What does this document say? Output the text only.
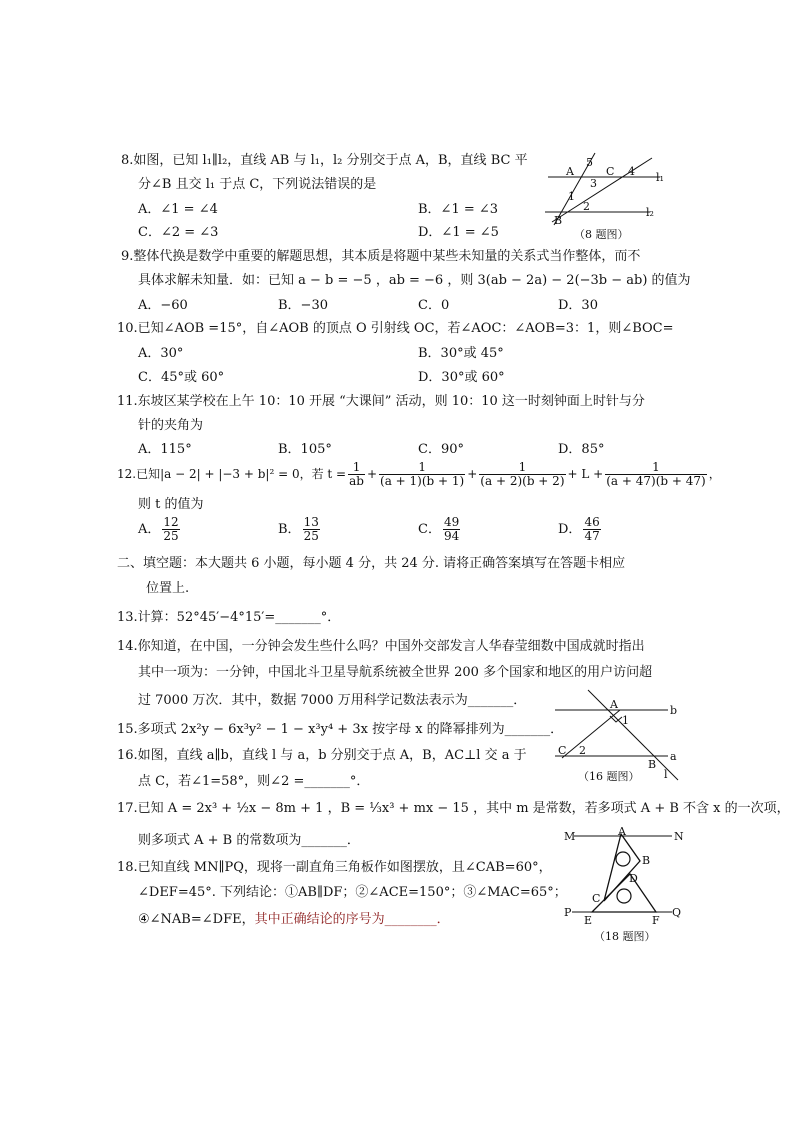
8.如图，已知 l₁∥l₂，直线 AB 与 l₁，l₂ 分别交于点 A，B，直线 BC 平
分∠B 且交 l₁ 于点 C，下列说法错误的是
A．∠1 = ∠4	B．∠1 = ∠3
C．∠2 = ∠3	D．∠1 = ∠5
A	C
B
1
2
3
4
5
l₁
l₂
（8 题图）
9.整体代换是数学中重要的解题思想，其本质是将题中某些未知量的关系式当作整体，而不
具体求解未知量．如：已知 a − b = −5 ，ab = −6 ，则 3(ab − 2a) − 2(−3b − ab) 的值为
A．−60	B．−30	C．0	D．30
10.已知∠AOB =15°，自∠AOB 的顶点 O 引射线 OC，若∠AOC：∠AOB=3：1，则∠BOC=
A．30°	B．30°或 45°
C．45°或 60°	D．30°或 60°
11.东坡区某学校在上午 10：10 开展 “大课间” 活动，则 10：10 这一时刻钟面上时针与分
针的夹角为
A．115°	B．105°	C．90°	D．85°
12.已知|a − 2| + |−3 + b|² = 0，若 $t = \frac{1}{ab} + \frac{1}{(a + 1)(b + 1)} + \frac{1}{(a + 2)(b + 2)} + L + \frac{1}{(a + 47)(b + 47)}$ ，
则 t 的值为
A． $\frac{12}{25}$	B． $\frac{13}{25}$	C． $\frac{49}{94}$	D． $\frac{46}{47}$
二、填空题：本大题共 6 小题，每小题 4 分，共 24 分. 请将正确答案填写在答题卡相应
位置上.
13.计算：52°45′−4°15′=_______°．
14.你知道，在中国，一分钟会发生些什么吗？中国外交部发言人华春莹细数中国成就时指出
其中一项为：一分钟，中国北斗卫星导航系统被全世界 200 多个国家和地区的用户访问超
过 7000 万次．其中，数据 7000 万用科学记数法表示为_______．	A
B
C
1
2	a
b
l
（16 题图）
15.多项式 2x²y − 6x³y² − 1 − x³y⁴ + 3x 按字母 x 的降幂排列为_______．
16.如图，直线 a∥b，直线 l 与 a，b 分别交于点 A，B，AC⊥l 交 a 于
点 C，若∠1=58°，则∠2 =_______°．
17.已知 A = 2x³ + ½x − 8m + 1 ，B = ⅓x³ + mx − 15 ，其中 m 是常数，若多项式 A + B 不含 x 的一次项，
则多项式 A + B 的常数项为_______．
18.已知直线 MN∥PQ，现将一副直角三角板作如图摆放，且∠CAB=60°，
∠DEF=45°. 下列结论：①AB∥DF；②∠ACE=150°；③∠MAC=65°；
④∠NAB=∠DFE，其中正确结论的序号为________．
M	N
A
B
C
D
P
E	F
Q
（18 题图）
